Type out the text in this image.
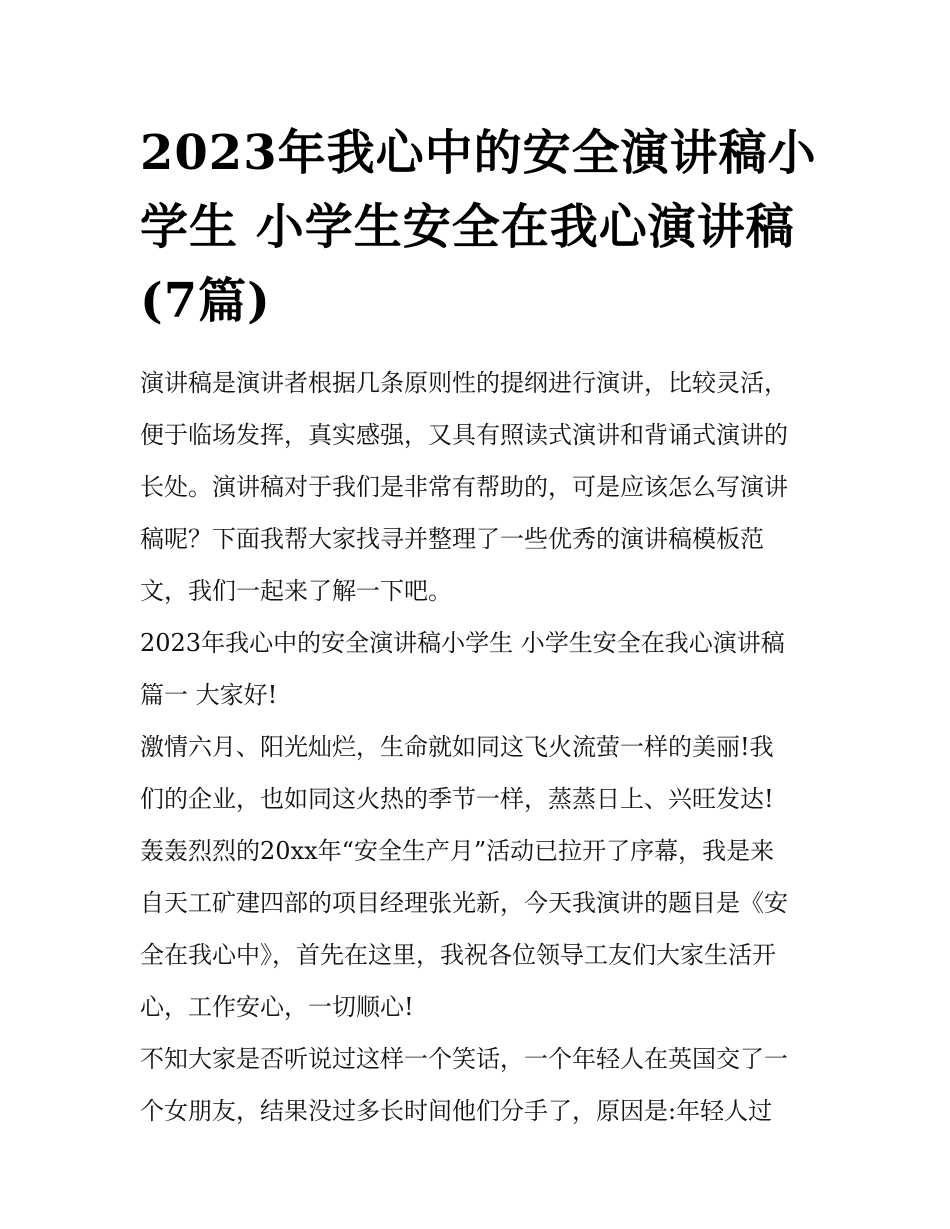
2023年我心中的安全演讲稿小
学生 小学生安全在我心演讲稿
(7篇)
演讲稿是演讲者根据几条原则性的提纲进行演讲，比较灵活，
便于临场发挥，真实感强，又具有照读式演讲和背诵式演讲的
长处。演讲稿对于我们是非常有帮助的，可是应该怎么写演讲
稿呢？下面我帮大家找寻并整理了一些优秀的演讲稿模板范
文，我们一起来了解一下吧。
2023年我心中的安全演讲稿小学生 小学生安全在我心演讲稿
篇一 大家好!
激情六月、阳光灿烂，生命就如同这飞火流萤一样的美丽!我
们的企业，也如同这火热的季节一样，蒸蒸日上、兴旺发达!
轰轰烈烈的20xx年“安全生产月”活动已拉开了序幕，我是来
自天工矿建四部的项目经理张光新，今天我演讲的题目是《安
全在我心中》，首先在这里，我祝各位领导工友们大家生活开
心，工作安心，一切顺心!
不知大家是否听说过这样一个笑话，一个年轻人在英国交了一
个女朋友，结果没过多长时间他们分手了，原因是:年轻人过
